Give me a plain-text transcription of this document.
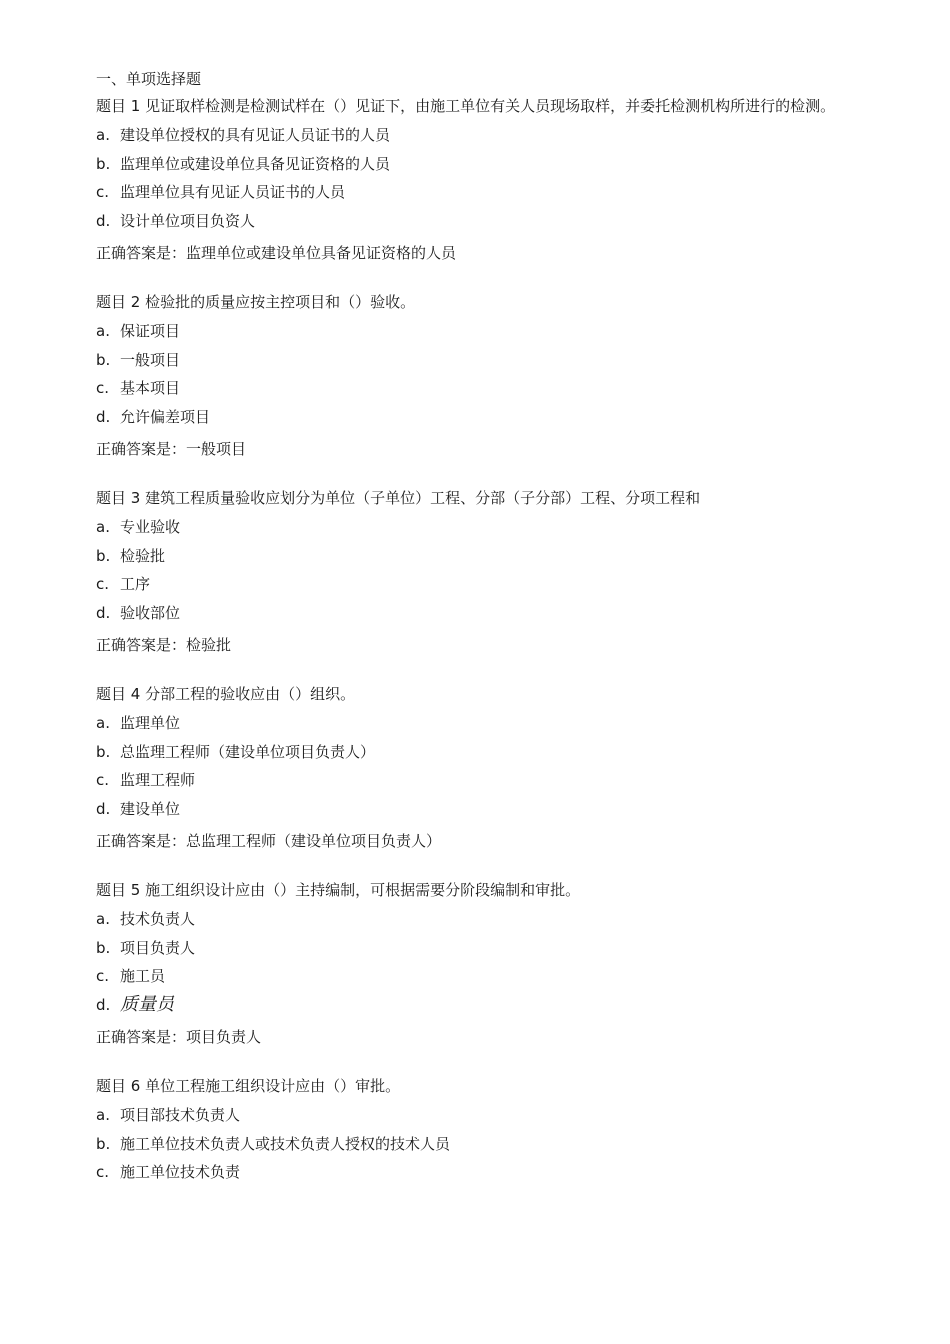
一、单项选择题
题目 1 见证取样检测是检测试样在（）见证下，由施工单位有关人员现场取样，并委托检测机构所进行的检测。
a. 建设单位授权的具有见证人员证书的人员
b. 监理单位或建设单位具备见证资格的人员
c. 监理单位具有见证人员证书的人员
d. 设计单位项目负资人
正确答案是：监理单位或建设单位具备见证资格的人员
题目 2 检验批的质量应按主控项目和（）验收。
a. 保证项目
b. 一般项目
c. 基本项目
d. 允许偏差项目
正确答案是：一般项目
题目 3 建筑工程质量验收应划分为单位（子单位）工程、分部（子分部）工程、分项工程和
a. 专业验收
b. 检验批
c. 工序
d. 验收部位
正确答案是：检验批
题目 4 分部工程的验收应由（）组织。
a. 监理单位
b. 总监理工程师（建设单位项目负责人）
c. 监理工程师
d. 建设单位
正确答案是：总监理工程师（建设单位项目负责人）
题目 5 施工组织设计应由（）主持编制，可根据需要分阶段编制和审批。
a. 技术负责人
b. 项目负责人
c. 施工员
d. 质量员
正确答案是：项目负责人
题目 6 单位工程施工组织设计应由（）审批。
a. 项目部技术负责人
b. 施工单位技术负责人或技术负责人授权的技术人员
c. 施工单位技术负责
